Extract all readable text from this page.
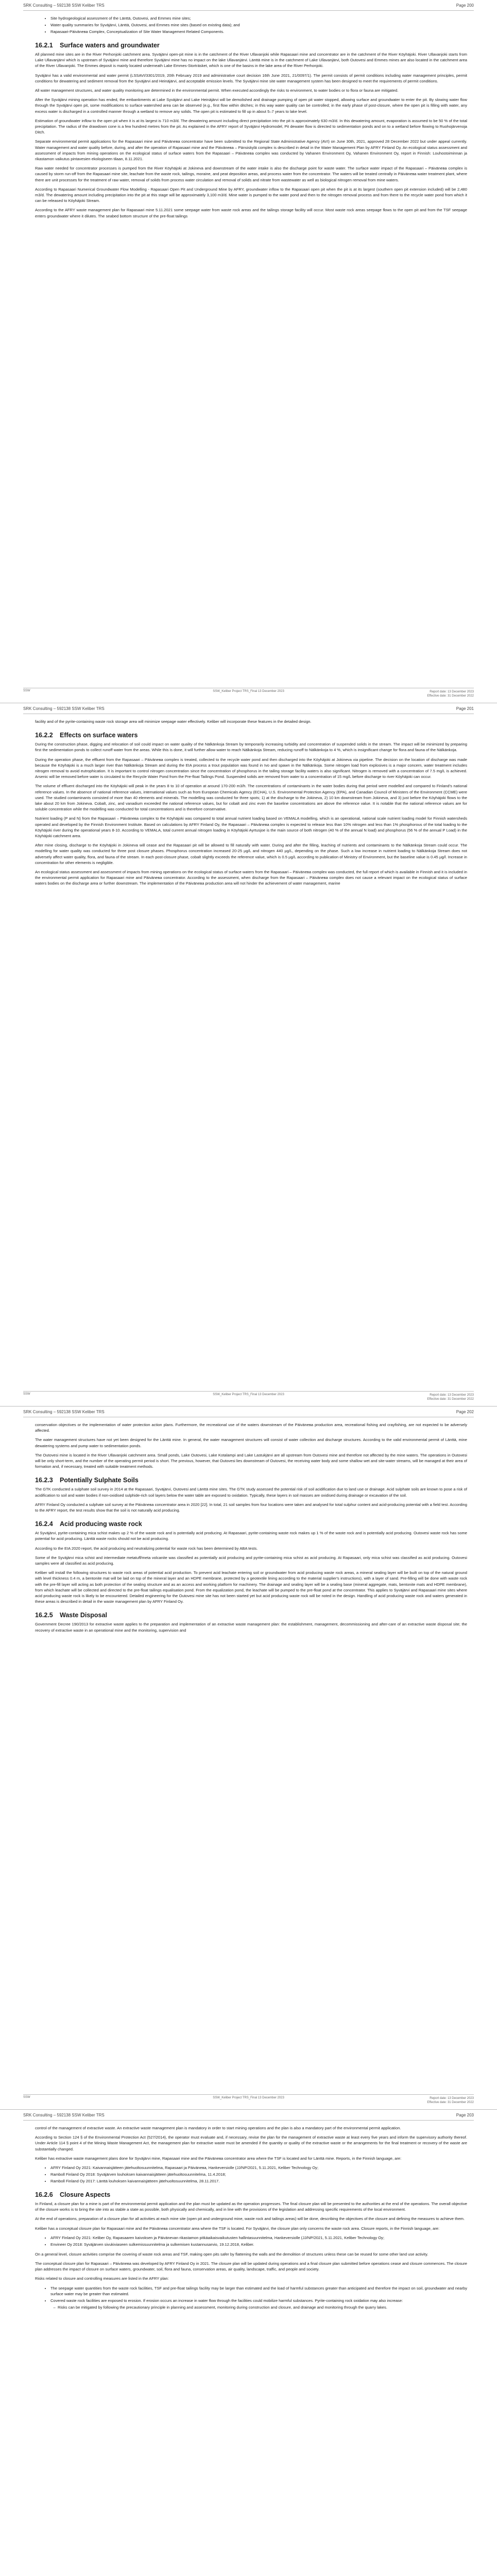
SRK Consulting – 592138 SSW Keliber TRS	Page 200
• Site hydrogeological assessment of the Länttä, Outovesi, and Emmes mine sites;
• Water quality summaries for Syväjärvi, Länttä, Outovesi, and Emmes mine sites (based on existing data); and
• Rapasaari-Päivänева Complex, Conceptualization of Site Water Management Related Components.
16.2.1 Surface waters and groundwater

All planned mine sites are in the River Perhonjoki catchment area. Syväjärvi open-pit mine is in the catchment of the River Ullavanjoki while Rapasaari mine and concentrator are in the catchment of the River Köyhäjoki. River Ullavanjoki starts from Lake Ullavanjärvi which is upstream of Syväjärvi mine and therefore Syväjärvi mine has no impact on the lake Ullavanjärvi. Länttä mine is in the catchment of Lake Ullavanjärvi, both Outovesi and Emmes mines are also located in the catchment area of the River Ullavanjoki. The Emmes deposit is mainly located underneath Lake Emmes-Storträsket, which is one of the basins in the lake area of the River Perhonjoki.

Syväjärvi has a valid environmental and water permit (LSSAVI/3301/2019, 20th February 2019 and administrative court decision 16th June 2021, 21/0097/1). The permit consists of permit conditions including water management principles, permit conditions for dewatering and sediment removal from the Syväjärvi and Heinäjärvi, and acceptable emission levels. The Syväjärvi mine site water management system has been designed to meet the requirements of permit conditions.

All water management structures, and water quality monitoring are determined in the environmental permit. When executed accordingly the risks to environment, to water bodies or to flora or fauna are mitigated.

After the Syväjärvi mining operation has ended, the embankments at Lake Syväjärvi and Lake Heinäjärvi will be demolished and drainage pumping of open pit water stopped, allowing surface and groundwater to enter the pit. By slowing water flow through the Syväjärvi open pit, some modifications to surface watershed area can be observed (e.g., first flow within ditches; in this way water quality can be controlled; in the early phase of post-closure, where the open pit is filling with water, any excess water is discharged in a controlled manner through a wetland to remove any solids. The open pit is estimated to fill up in about 5–7 years to lake level.

Estimation of groundwater inflow to the open pit when it is at its largest is 710 m3/d. The dewatering amount including direct precipitation into the pit is approximately 630 m3/d. In this dewatering amount, evaporation is assumed to be 50 % of the total precipitation. The radius of the drawdown cone is a few hundred metres from the pit. As explained in the AFRY report of Syväjärvi Hydromodel, Pit dewater flow is directed to sedimentation ponds and on to a wetland before flowing to Ruohojärvenoja Ditch.

Separate environmental permit applications for the Rapasaari mine and Päivänева concentrator have been submitted to the Regional State Administrative Agency (AVI) on June 30th, 2021, approved 28 December 2022 but under appeal currently. Water management and water quality before, during, and after the operation of Rapasaari mine and the Päivänева – Pänsiskylä complex is described in detail in the Water Management Plan by AFRY Finland Oy. An ecological status assessment and assessment of impacts from mining operations on the ecological status of surface waters from the Rapasaari – Päivänева complex was conducted by Vahanen Environment Oy, Vahanen Environment Oy, report in Finnish: Louhostoiminnan ja rikastamon vaikutus pintavesien ekologiseen tilaan, 8.11.2021.

Raw water needed for concentrator processes is pumped from the River Köyhäjoki at Jokineva and downstream of the water intake is also the discharge point for waste water. The surface water impact of the Rapasaari – Päivänева complex is caused by storm run-off from the Rapasaari mine site, leachate from the waste rock, tailings, moraine, and peat deposition areas, and process water from the concentrator. The waters will be treated centrally in Päivänева water treatment plant, where there are unit processes for the treatment of raw water, removal of solids from process water circulation and removal of solids and nitrate from wastewater as well as biological nitrogen removal from mine waters.

According to Rapasaari Numerical Groundwater Flow Modelling - Rapasaari Open Pit and Underground Mine by AFRY, groundwater inflow to the Rapasaari open pit when the pit is at its largest (southern open pit extension included) will be 2,480 m3/d. The dewatering amount including precipitation into the pit at this stage will be approximately 3,100 m3/d. Mine water is pumped to the water pond and then to the nitrogen removal process and from there to the recycle water pond from which it can be released to Köyhäjoki Stream.

According to the AFRY waste management plan for Rapasaari mine 5.11.2021 some seepage water from waste rock areas and the tailings storage facility will occur. Most waste rock areas seepage flows to the open pit and from the TSF seepage enters groundwater where it dilutes. The seabed bottom structure of the pre-float tailings

SSW	SSW_Keliber Project TRS_Final 13 December 2023	Report date: 13 December 2023
Effective date: 31 December 2022
SRK Consulting – 592138 SSW Keliber TRS	Page 201

facility and of the pyrite-containing waste rock storage area will minimize seepage water effectively. Keliber will incorporate these features in the detailed design.

16.2.2 Effects on surface waters

During the construction phase, digging and relocation of soil could impact on water quality of the Nälkänkoja Stream by temporarily increasing turbidity and concentration of suspended solids in the stream. The impact will be minimized by preparing first the sedimentation ponds to collect runoff water from the areas. While this is done, it will further allow water to reach Nälkänkoja Stream, reducing runoff to Nälkänkoja to 4 %, which is insignificant change for flora and fauna of the Nälkänkoja.

During the operation phase, the effluent from the Rapasaari – Päivänева complex is treated, collected to the recycle water pond and then discharged into the Köyhäjoki at Jokineva via pipeline. The decision on the location of discharge was made because the Köyhäjoki is a much larger river than Nälkänkoja Stream and during the EIA process a trout population was found in Ivo and spawn in the Nälkänkoja. Some nitrogen load from explosives is a major concern, water treatment includes nitrogen removal to avoid eutrophication. It is important to control nitrogen concentration since the concentration of phosphorus in the tailing storage facility waters is also significant. Nitrogen is removed with a concentration of 7.5 mg/L is achieved. Arsenic will be removed before water is circulated to the Recycle Water Pond from the Pre-float Tailings Pond. Suspended solids are removed from water to a concentration of 15 mg/L before discharge to river Köyhäjoki can occur.

The volume of effluent discharged into the Köyhäjoki will peak in the years 8 to 10 of operation at around 170-200 m3/h. The concentrations of contaminants in the water bodies during that period were modelled and compared to Finland's national reference values. In the absence of national reference values, international values such as from European Chemicals Agency (ECHA), U.S. Environmental Protection Agency (EPA), and Canadian Council of Ministers of the Environment (CCME) were used. The studied contaminants consisted of more than 40 elements and minerals. The modelling was conducted for three spots; 1) at the discharge to the Jokineva, 2) 10 km downstream from Jokineva, and 3) just before the Köyhäjoki flows to the lake about 20 km from Jokineva. Cobalt, zinc, and vanadium exceeded the national reference values, but for cobalt and zinc even the baseline concentrations are above the reference value. It is notable that the national reference values are for soluble concentration while the modelling was conducted for total concentrations and is therefore conservative.

Nutrient loading (P and N) from the Rapasaari – Päivänева complex to the Köyhäjoki was compared to total annual nutrient loading based on VEMALA modelling, which is an operational, national scale nutrient loading model for Finnish watersheds operated and developed by the Finnish Environment Institute. Based on calculations by AFRY Finland Oy, the Rapasaari – Päivänева complex is expected to release less than 10% nitrogen and less than 1% phosphorous of the total loading to the Köyhäjoki river during the operational years 8-10. According to VEMALA, total current annual nitrogen loading in Köyhäjoki Ayrtusjoe is the main source of both nitrogen (40 % of the annual N load) and phosphorus (56 % of the annual P Load) in the Köyhäjoki catchment area.

After mine closing, discharge to the Köyhäjoki in Jokineva will cease and the Rapasaari pit will be allowed to fill naturally with water. During and after the filling, leaching of nutrients and contaminants to the Nälkänkoja Stream could occur. The modelling for water quality was conducted for three post closure phases. Phosphorus concentration increased 20-25 µg/L and nitrogen 440 µg/L, depending on the phase. Such a low increase in nutrient loading to Nälkänkoja Stream does not adversely affect water quality, flora, and fauna of the stream. In each post-closure phase, cobalt slightly exceeds the reference value, which is 0.5 µg/L according to publication of Ministry of Environment, but the baseline value is 0.45 µg/l. Increase in concentration for other elements is negligible.

An ecological status assessment and assessment of impacts from mining operations on the ecological status of surface waters from the Rapasaari – Päivänева complex was conducted, the full report of which is available in Finnish and it is included in the environmental permit application for Rapasaari mine and Päivänева concentrator. According to the assessment, when discharge from the Rapasaari – Päivänева complex does not cause a relevant impact on the ecological status of surface waters bodies on the discharge area or further downstream. The implementation of the Päivänева production area will not hinder the achievement of water management, marine

SSW	SSW_Keliber Project TRS_Final 13 December 2023	Report date: 13 December 2023
Effective date: 31 December 2022
SRK Consulting – 592138 SSW Keliber TRS	Page 202

conservation objectives or the implementation of water protection action plans. Furthermore, the recreational use of the waters downstream of the Päivänева production area, recreational fishing and crayfishing, are not expected to be adversely affected.

The water management structures have not yet been designed for the Länttä mine. In general, the water management structures will consist of water collection and discharge structures. According to the valid environmental permit of Länttä, mine dewatering systems and pump water to sedimentation ponds.

The Outovesi mine is located in the River Ullavanjoki catchment area. Small ponds, Lake Outovesi, Lake Kotalampi and Lake Lastukjärvi are all upstream from Outovesi mine and therefore not affected by the mine waters. The operations in Outovesi will be only short-term, and the number of the operating permit period is short. The previous, however, that Outovesi lies downstream of Outovesi, the receiving water body and some shallow wet and site-water streams, will be managed at their area of formation and, if necessary, treated with suitable treatment methods.

16.2.3 Potentially Sulphate Soils

The GTK conducted a sulphate soil survey in 2014 at the Rapasaari, Syväjärvi, Outovesi and Länttä mine sites. The GTK study assessed the potential risk of soil acidification due to land use or drainage. Acid sulphate soils are known to pose a risk of acidification to soil and water bodies if non-oxidised sulphide-rich soil layers below the water table are exposed to oxidation. Typically, these layers in soil masses are oxidised during drainage or excavation of the soil.

AFRY Finland Oy conducted a sulphate soil survey at the Päivänева concentrator area in 2020 [22]. In total, 21 soil samples from four locations were taken and analysed for total sulphur content and acid-producing potential with a field test. According to the AFRY report, the test results show that the soil is not naturally acid producing.

16.2.4 Acid producing waste rock

At Syväjärvi, pyrite-containing mica schist makes up 2 % of the waste rock and is potentially acid producing. At Rapasaari, pyrite-containing waste rock makes up 1 % of the waste rock and is potentially acid producing. Outovesi waste rock has some potential for acid producing. Länttä waste rocks should not be acid producing.

According to the EIA 2020 report, the acid producing and neutralizing potential for waste rock has been determined by ABA tests.

Some of the Syväjärvi mica schist and intermediate metatuff/meta volcanite was classified as potentially acid producing and pyrite-containing mica schist as acid producing. At Rapasaari, only mica schist was classified as acid producing. Outovesi samples were all classified as acid producing.

Keliber will install the following structures to waste rock areas of potential acid production. To prevent acid leachate entering soil or groundwater from acid producing waste rock areas, a mineral sealing layer will be built on top of the natural ground with level thickness 0.4 m, a bentonite mat will be laid on top of the mineral layer and an HDPE membrane, protected by a geotextile lining according to the material supplier's instructions), with a layer of sand. Pre-filling will be done with waste rock with the pre-fill layer will acting as both protection of the sealing structure and as an access and working platform for machinery. The drainage and sealing layer will be a sealing base (mineral aggregate, mats, bentonite mats and HDPE membrane), from which leachate will be collected and directed to the pre-float tailings equalisation pond. From the equalization pond, the leachate will be pumped to the pre-float pond at the concentrator. This applies to Syväjärvi and Rapasaari mine sites where acid producing waste rock is likely to be encountered. Detailed engineering for the Outovesi mine site has not been started yet but acid producing waste rock will be noted in the design. Handling of acid producing waste rock and waters generated in these areas is described in detail in the waste management plan by AFRY Finland Oy.

16.2.5 Waste Disposal

Government Decree 190/2013 for extractive waste applies to the preparation and implementation of an extractive waste management plan: the establishment, management, decommissioning and after-care of an extractive waste disposal site; the recovery of extractive waste in an operational mine and the monitoring, supervision and

SSW	SSW_Keliber Project TRS_Final 13 December 2023	Report date: 13 December 2023
Effective date: 31 December 2022
SRK Consulting – 592138 SSW Keliber TRS	Page 203

control of the management of extractive waste. An extractive waste management plan is mandatory in order to start mining operations and the plan is also a mandatory part of the environmental permit application.

According to Section 124 § of the Environmental Protection Act (527/2014), the operator must evaluate and, if necessary, revise the plan for the management of extractive waste at least every five years and inform the supervisory authority thereof. Under Article 114 § point 4 of the Mining Waste Management Act, the management plan for extractive waste must be amended if the quantity or quality of the extractive waste or the arrangements for the final treatment or recovery of the waste are substantially changed.

Keliber has extractive waste management plans done for Syväjärvi mine, Rapasaari mine and the Päivänева concentrator area where the TSF is located and for Länttä mine. Reports, in the Finnish language, are:

• AFRY Finland Oy 2021: Kaivannaisjätteen jätehuoltosuunnitelma, Rapasaari ja Päivänева, Hankeversiolle (JJ/NP/2021, 5.11.2021, Keliber Technology Oy;
• Ramboll Finland Oy 2018: Syväjärven louhoksen kaivannaisjätteen jätehuoltosuunnitelma, 11.4.2018;
• Ramboll Finland Oy 2017: Länttä louhoksen kaivannaisjätteen jätehuoltosuunnitelma, 28.11.2017.
16.2.6 Closure Aspects

In Finland, a closure plan for a mine is part of the environmental permit application and the plan must be updated as the operation progresses. The final closure plan will be presented to the authorities at the end of the operations. The overall objective of the closure works is to bring the site into as stable a state as possible, both physically and chemically, and in line with the provisions of the legislation and addressing specific requirements of the local environment.

At the end of operations, preparation of a closure plan for all activities at each mine site (open pit and underground mine, waste rock and tailings areas) will be done, describing the objectives of the closure and defining the measures to achieve them.

Keliber has a conceptual closure plan for Rapasaari mine and the Päivänева concentrator area where the TSF is located. For Syväjärvi, the closure plan only concerns the waste rock area. Closure reports, in the Finnish language, are:

• AFRY Finland Oy 2021: Keliber Oy, Rapasaaren kaivoksen ja Päivänevan rikastamon pitkäaikaisvaikutusten hallintasuunnitelma, Hankeversiolle (JJ/NP/2021, 5.11.2021, Keliber Technology Oy;
• Envineer Oy 2018: Syväjärven sivukiviaseen sulkemissuunnitelma ja sulkemisen kustannusarvio, 19.12.2018, Keliber.

On a general level, closure activities comprise the covering of waste rock areas and TSF, making open pits safer by flattening the walls and the demolition of structures unless these can be reused for some other land use activity.

The conceptual closure plan for Rapasaari – Päivänева was developed by AFRY Finland Oy in 2021. The closure plan will be updated during operations and a final closure plan submitted before operations cease and closure commences. The closure plan addresses the impact of closure on surface waters, groundwater, soil, flora and fauna, conservation areas, air quality, landscape, traffic, and people and society.

Risks related to closure and controlling measures are listed in the AFRY plan:

• The seepage water quantities from the waste rock facilities, TSF and pre-float tailings facility may be larger than estimated and the load of harmful substances greater than anticipated and therefore the impact on soil, groundwater and nearby surface water may be greater than estimated.
• Covered waste rock facilities are exposed to erosion. If erosion occurs an increase in water flow through the facilities could mobilize harmful substances. Pyrite-containing rock oxidation may also increase:
– Risks can be mitigated by following the precautionary principle in planning and assessment, monitoring during construction and closure, and drainage and monitoring through the quarry lakes.
